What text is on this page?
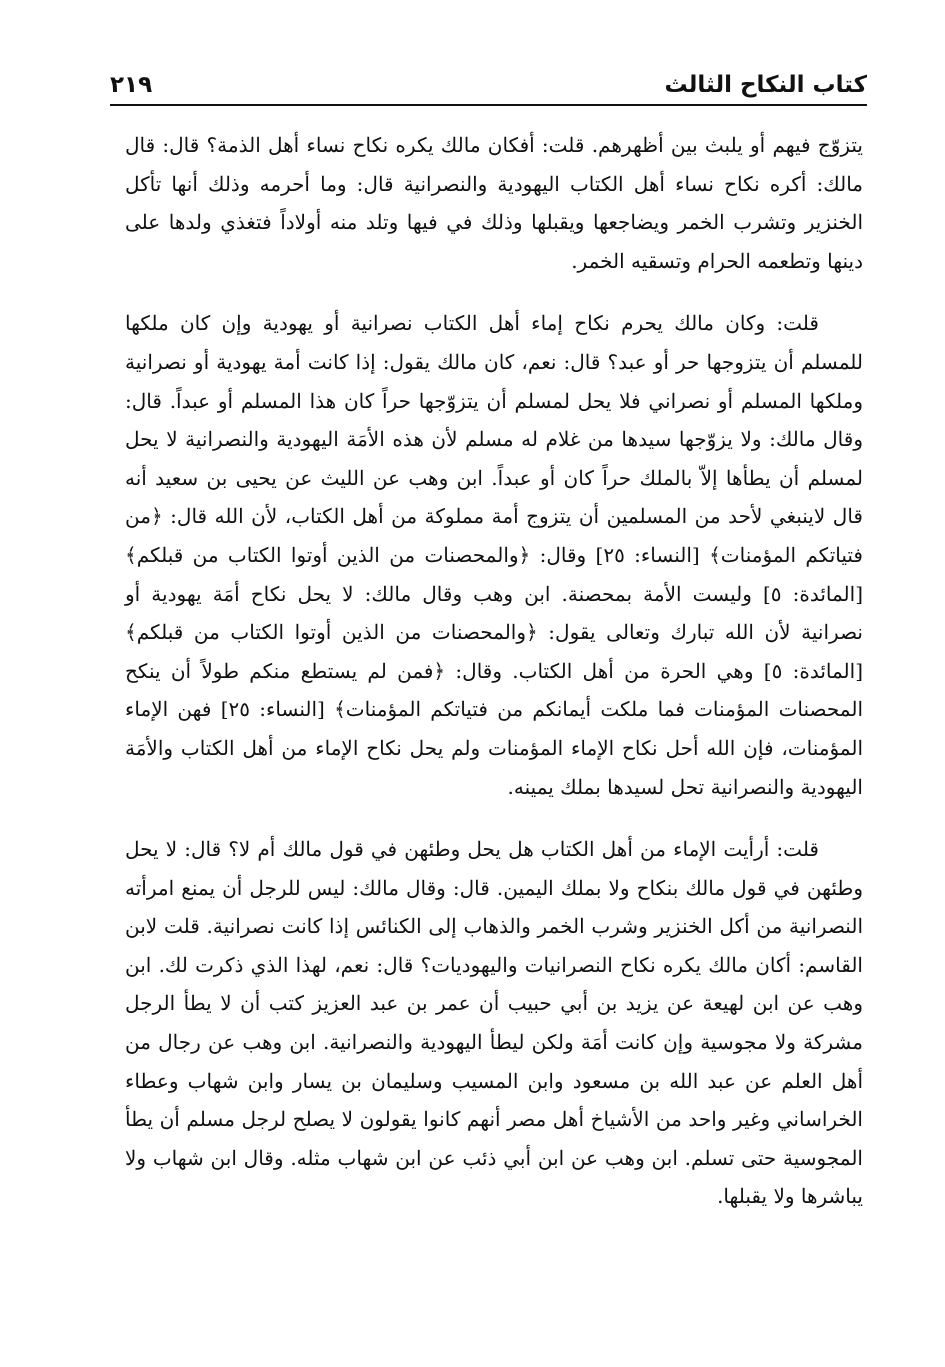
كتاب النكاح الثالث
٢١٩

يتزوّج فيهم أو يلبث بين أظهرهم. قلت: أفكان مالك يكره نكاح نساء أهل الذمة؟ قال: قال مالك: أكره نكاح نساء أهل الكتاب اليهودية والنصرانية قال: وما أحرمه وذلك أنها تأكل الخنزير وتشرب الخمر ويضاجعها ويقبلها وذلك في فيها وتلد منه أولاداً فتغذي ولدها على دينها وتطعمه الحرام وتسقيه الخمر.

قلت: وكان مالك يحرم نكاح إماء أهل الكتاب نصرانية أو يهودية وإن كان ملكها للمسلم أن يتزوجها حر أو عبد؟ قال: نعم، كان مالك يقول: إذا كانت أمة يهودية أو نصرانية وملكها المسلم أو نصراني فلا يحل لمسلم أن يتزوّجها حراً كان هذا المسلم أو عبداً. قال: وقال مالك: ولا يزوّجها سيدها من غلام له مسلم لأن هذه الأمَة اليهودية والنصرانية لا يحل لمسلم أن يطأها إلاّ بالملك حراً كان أو عبداً. ابن وهب عن الليث عن يحيى بن سعيد أنه قال لاينبغي لأحد من المسلمين أن يتزوج أمة مملوكة من أهل الكتاب، لأن الله قال: ﴿من فتياتكم المؤمنات﴾ [النساء: ٢٥] وقال: ﴿والمحصنات من الذين أوتوا الكتاب من قبلكم﴾ [المائدة: ٥] وليست الأمة بمحصنة. ابن وهب وقال مالك: لا يحل نكاح أمَة يهودية أو نصرانية لأن الله تبارك وتعالى يقول: ﴿والمحصنات من الذين أوتوا الكتاب من قبلكم﴾ [المائدة: ٥] وهي الحرة من أهل الكتاب. وقال: ﴿فمن لم يستطع منكم طولاً أن ينكح المحصنات المؤمنات فما ملكت أيمانكم من فتياتكم المؤمنات﴾ [النساء: ٢٥] فهن الإماء المؤمنات، فإن الله أحل نكاح الإماء المؤمنات ولم يحل نكاح الإماء من أهل الكتاب والأمَة اليهودية والنصرانية تحل لسيدها بملك يمينه.

قلت: أرأيت الإماء من أهل الكتاب هل يحل وطئهن في قول مالك أم لا؟ قال: لا يحل وطئهن في قول مالك بنكاح ولا بملك اليمين. قال: وقال مالك: ليس للرجل أن يمنع امرأته النصرانية من أكل الخنزير وشرب الخمر والذهاب إلى الكنائس إذا كانت نصرانية. قلت لابن القاسم: أكان مالك يكره نكاح النصرانيات واليهوديات؟ قال: نعم، لهذا الذي ذكرت لك. ابن وهب عن ابن لهيعة عن يزيد بن أبي حبيب أن عمر بن عبد العزيز كتب أن لا يطأ الرجل مشركة ولا مجوسية وإن كانت أمَة ولكن ليطأ اليهودية والنصرانية. ابن وهب عن رجال من أهل العلم عن عبد الله بن مسعود وابن المسيب وسليمان بن يسار وابن شهاب وعطاء الخراساني وغير واحد من الأشياخ أهل مصر أنهم كانوا يقولون لا يصلح لرجل مسلم أن يطأ المجوسية حتى تسلم. ابن وهب عن ابن أبي ذئب عن ابن شهاب مثله. وقال ابن شهاب ولا يباشرها ولا يقبلها.
